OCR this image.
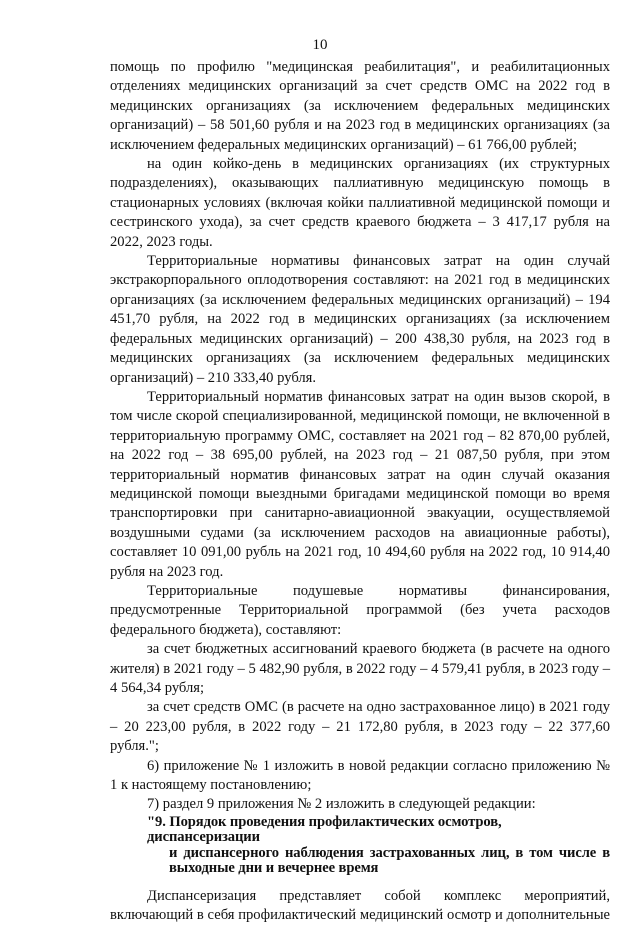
10

помощь по профилю "медицинская реабилитация", и реабилитационных отделениях медицинских организаций за счет средств ОМС на 2022 год в медицинских организациях (за исключением федеральных медицинских организаций) – 58 501,60 рубля и на 2023 год в медицинских организациях (за исключением федеральных медицинских организаций) – 61 766,00 рублей;

на один койко-день в медицинских организациях (их структурных подразделениях), оказывающих паллиативную медицинскую помощь в стационарных условиях (включая койки паллиативной медицинской помощи и сестринского ухода), за счет средств краевого бюджета – 3 417,17 рубля на 2022, 2023 годы.

Территориальные нормативы финансовых затрат на один случай экстракорпорального оплодотворения составляют: на 2021 год в медицинских организациях (за исключением федеральных медицинских организаций) – 194 451,70 рубля, на 2022 год в медицинских организациях (за исключением федеральных медицинских организаций) – 200 438,30 рубля, на 2023 год в медицинских организациях (за исключением федеральных медицинских организаций) – 210 333,40 рубля.

Территориальный норматив финансовых затрат на один вызов скорой, в том числе скорой специализированной, медицинской помощи, не включенной в территориальную программу ОМС, составляет на 2021 год – 82 870,00 рублей, на 2022 год – 38 695,00 рублей, на 2023 год – 21 087,50 рубля, при этом территориальный норматив финансовых затрат на один случай оказания медицинской помощи выездными бригадами медицинской помощи во время транспортировки при санитарно-авиационной эвакуации, осуществляемой воздушными судами (за исключением расходов на авиационные работы), составляет 10 091,00 рубль на 2021 год, 10 494,60 рубля на 2022 год, 10 914,40 рубля на 2023 год.

Территориальные подушевые нормативы финансирования, предусмотренные Территориальной программой (без учета расходов федерального бюджета), составляют:

за счет бюджетных ассигнований краевого бюджета (в расчете на одного жителя) в 2021 году – 5 482,90 рубля, в 2022 году – 4 579,41 рубля, в 2023 году – 4 564,34 рубля;

за счет средств ОМС (в расчете на одно застрахованное лицо) в 2021 году – 20 223,00 рубля, в 2022 году – 21 172,80 рубля, в 2023 году – 22 377,60 рубля.";

6) приложение № 1 изложить в новой редакции согласно приложению № 1 к настоящему постановлению;

7) раздел 9 приложения № 2 изложить в следующей редакции:

"9. Порядок проведения профилактических осмотров, диспансеризации
и диспансерного наблюдения застрахованных лиц, в том числе в выходные дни и вечернее время

Диспансеризация представляет собой комплекс мероприятий, включающий в себя профилактический медицинский осмотр и дополнительные
